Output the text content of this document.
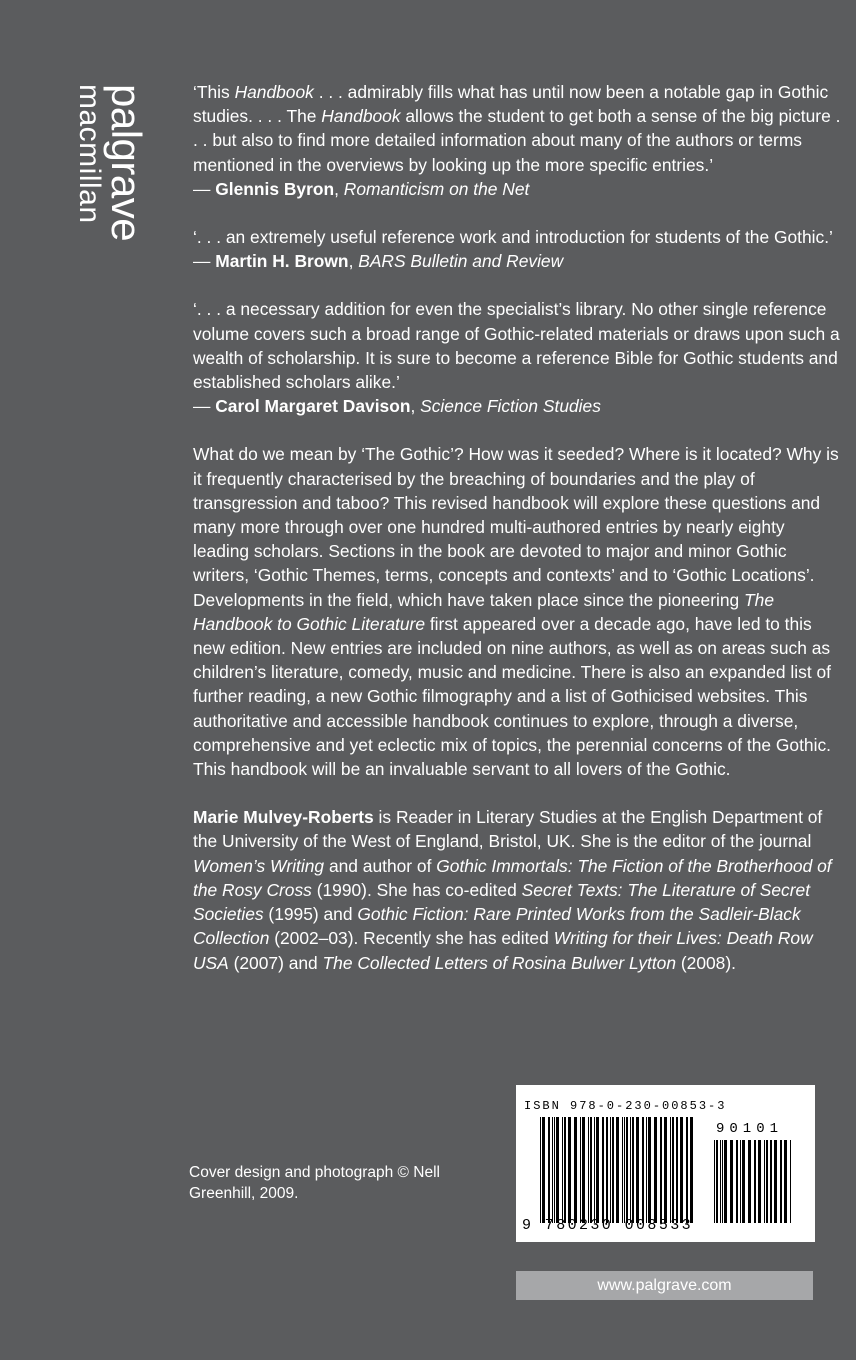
palgrave
macmillan	‘This Handbook . . . admirably fills what has until now been a notable gap in Gothic studies. . . . The Handbook allows the student to get both a sense of the big picture . . . but also to find more detailed information about many of the authors or terms mentioned in the overviews by looking up the more specific entries.’
— Glennis Byron, Romanticism on the Net

‘. . . an extremely useful reference work and introduction for students of the Gothic.’
— Martin H. Brown, BARS Bulletin and Review

‘. . . a necessary addition for even the specialist’s library. No other single reference volume covers such a broad range of Gothic-related materials or draws upon such a wealth of scholarship. It is sure to become a reference Bible for Gothic students and established scholars alike.’
— Carol Margaret Davison, Science Fiction Studies

What do we mean by ‘The Gothic’? How was it seeded? Where is it located? Why is it frequently characterised by the breaching of boundaries and the play of transgression and taboo? This revised handbook will explore these questions and many more through over one hundred multi-authored entries by nearly eighty leading scholars. Sections in the book are devoted to major and minor Gothic writers, ‘Gothic Themes, terms, concepts and contexts’ and to ‘Gothic Locations’. Developments in the field, which have taken place since the pioneering The Handbook to Gothic Literature first appeared over a decade ago, have led to this new edition. New entries are included on nine authors, as well as on areas such as children’s literature, comedy, music and medicine. There is also an expanded list of further reading, a new Gothic filmography and a list of Gothicised websites. This authoritative and accessible handbook continues to explore, through a diverse, comprehensive and yet eclectic mix of topics, the perennial concerns of the Gothic. This handbook will be an invaluable servant to all lovers of the Gothic.

Marie Mulvey-Roberts is Reader in Literary Studies at the English Department of the University of the West of England, Bristol, UK. She is the editor of the journal Women’s Writing and author of Gothic Immortals: The Fiction of the Brotherhood of the Rosy Cross (1990). She has co-edited Secret Texts: The Literature of Secret Societies (1995) and Gothic Fiction: Rare Printed Works from the Sadleir-Black Collection (2002–03). Recently she has edited Writing for their Lives: Death Row USA (2007) and The Collected Letters of Rosina Bulwer Lytton (2008).

Cover design and photograph © Nell Greenhill, 2009.
ISBN 978-0-230-00853-3
90101
9 780230 008533
www.palgrave.com
